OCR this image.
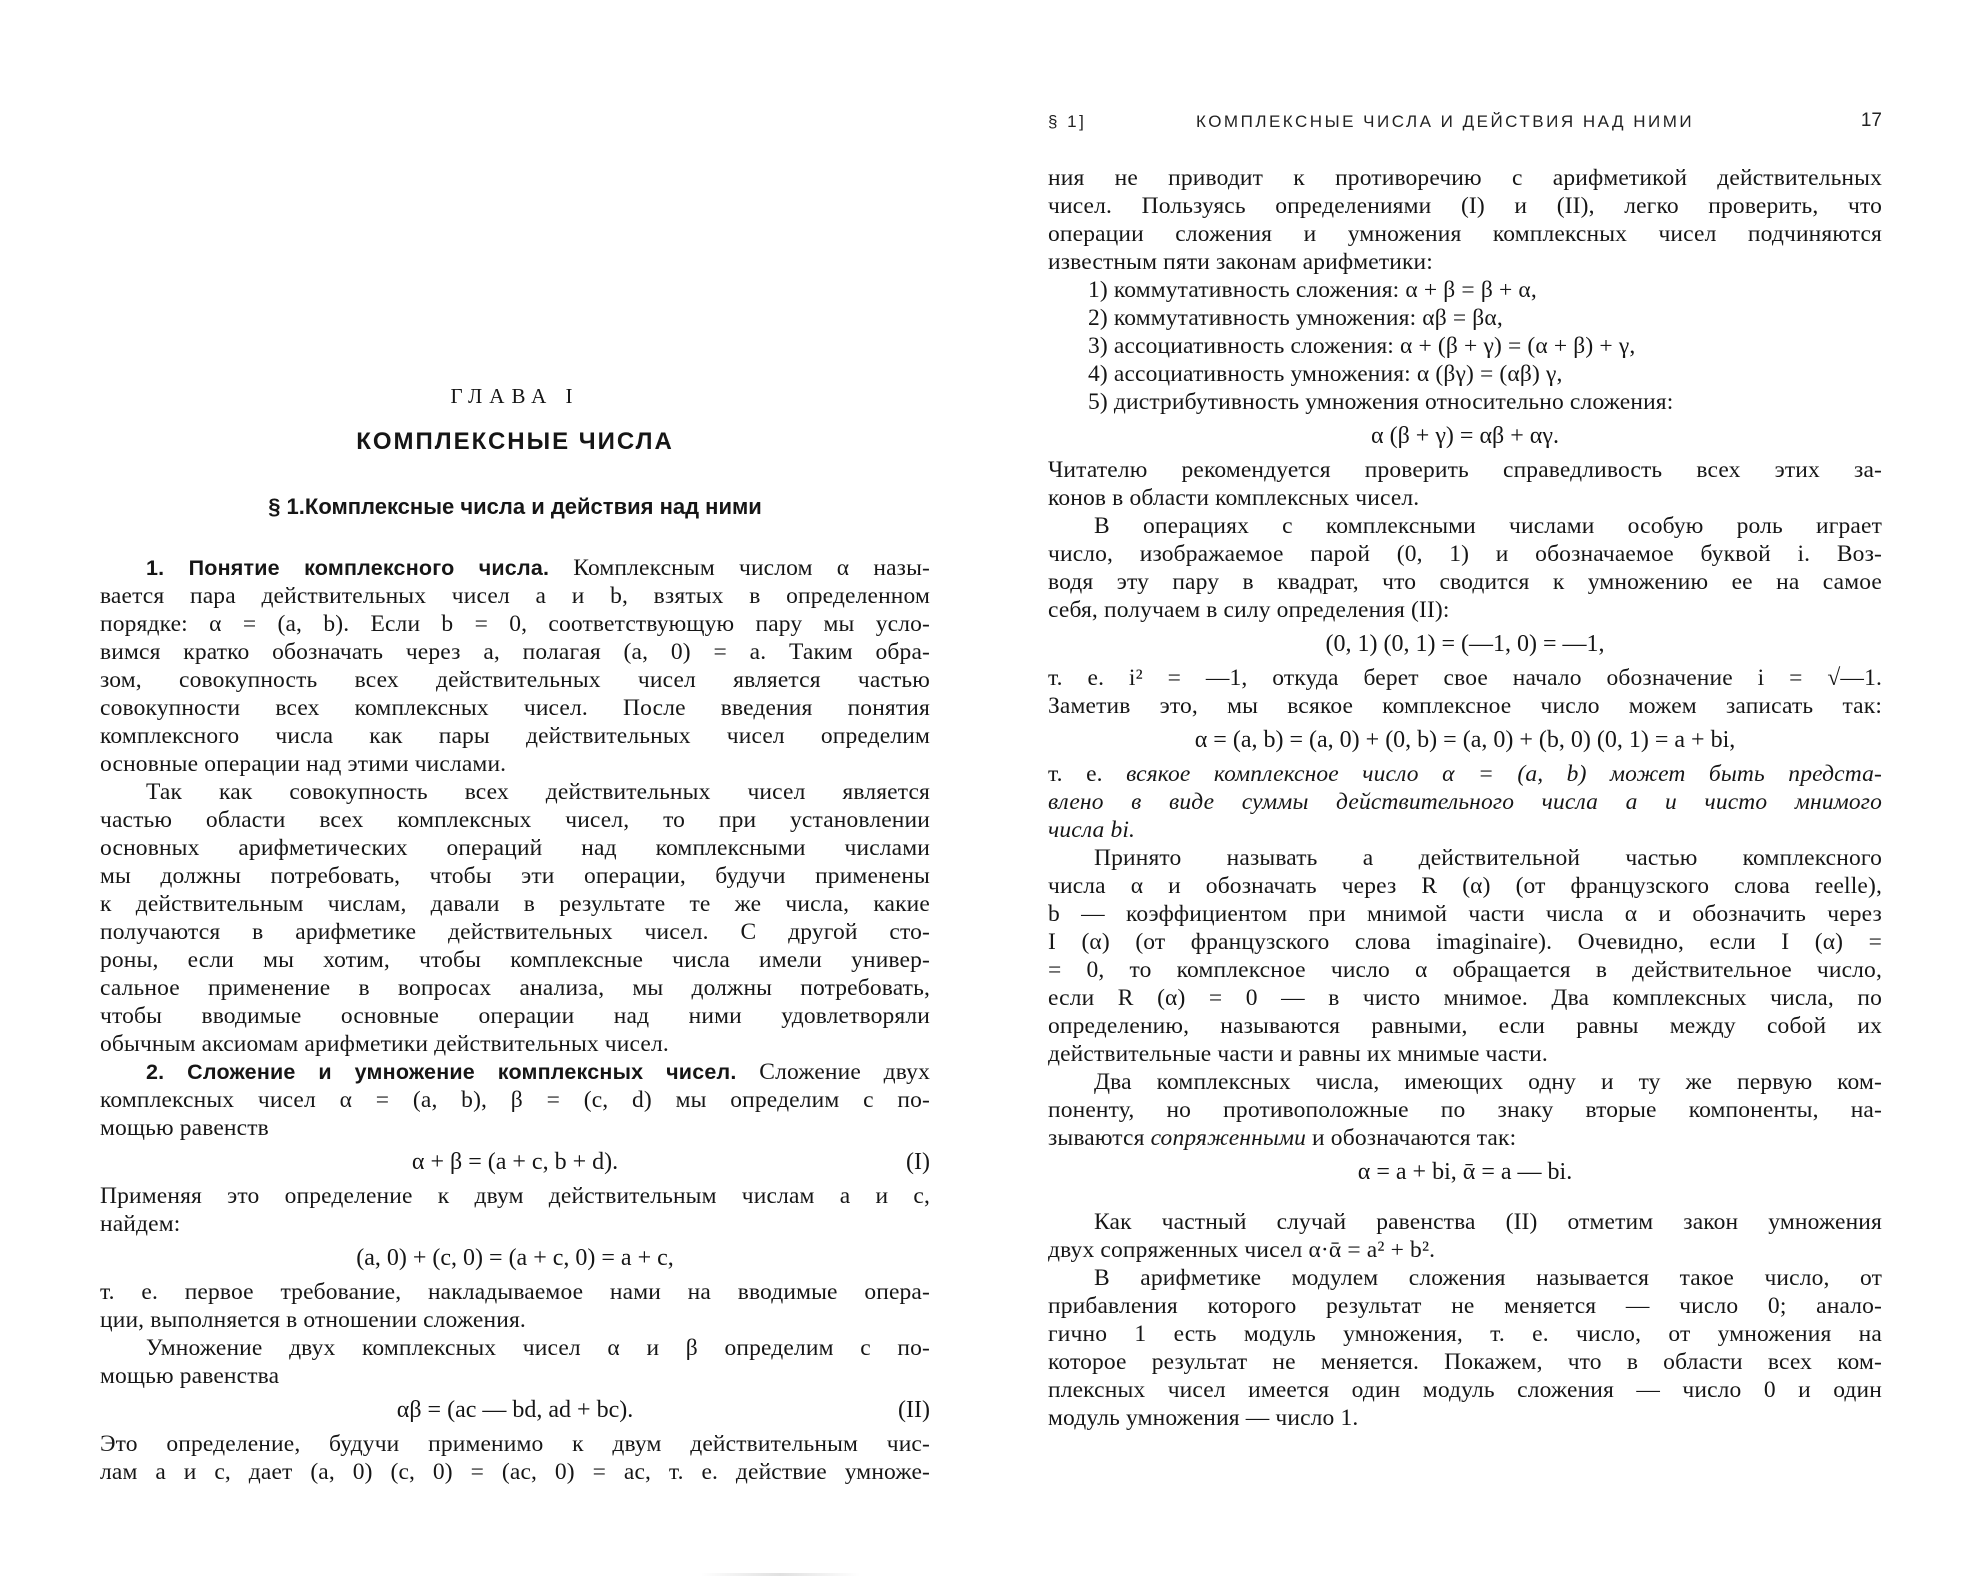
ГЛАВА I
КОМПЛЕКСНЫЕ ЧИСЛА
§ 1.Комплексные числа и действия над ними
1. Понятие комплексного числа. Комплексным числом α назы-
вается пара действительных чисел a и b, взятых в определенном
порядке: α = (a, b). Если b = 0, соответствующую пару мы усло-
вимся кратко обозначать через a, полагая (a, 0) = a. Таким обра-
зом, совокупность всех действительных чисел является частью
совокупности всех комплексных чисел. После введения понятия
комплексного числа как пары действительных чисел определим
основные операции над этими числами.
Так как совокупность всех действительных чисел является
частью области всех комплексных чисел, то при установлении
основных арифметических операций над комплексными числами
мы должны потребовать, чтобы эти операции, будучи применены
к действительным числам, давали в результате те же числа, какие
получаются в арифметике действительных чисел. С другой сто-
роны, если мы хотим, чтобы комплексные числа имели универ-
сальное применение в вопросах анализа, мы должны потребовать,
чтобы вводимые основные операции над ними удовлетворяли
обычным аксиомам арифметики действительных чисел.
2. Сложение и умножение комплексных чисел. Сложение двух
комплексных чисел α = (a, b), β = (c, d) мы определим с по-
мощью равенств
α + β = (a + c, b + d).	(I)
Применяя это определение к двум действительным числам a и c,
найдем:
(a, 0) + (c, 0) = (a + c, 0) = a + c,
т. е. первое требование, накладываемое нами на вводимые опера-
ции, выполняется в отношении сложения.
Умножение двух комплексных чисел α и β определим с по-
мощью равенства
αβ = (ac — bd, ad + bc).	(II)
Это определение, будучи применимо к двум действительным чис-
лам a и c, дает (a, 0) (c, 0) = (ac, 0) = ac, т. е. действие умноже-
§ 1]	КОМПЛЕКСНЫЕ ЧИСЛА И ДЕЙСТВИЯ НАД НИМИ	17
ния не приводит к противоречию с арифметикой действительных
чисел. Пользуясь определениями (I) и (II), легко проверить, что
операции сложения и умножения комплексных чисел подчиняются
известным пяти законам арифметики:
1) коммутативность сложения: α + β = β + α,
2) коммутативность умножения: αβ = βα,
3) ассоциативность сложения: α + (β + γ) = (α + β) + γ,
4) ассоциативность умножения: α (βγ) = (αβ) γ,
5) дистрибутивность умножения относительно сложения:
α (β + γ) = αβ + αγ.
Читателю рекомендуется проверить справедливость всех этих за-
конов в области комплексных чисел.
В операциях с комплексными числами особую роль играет
число, изображаемое парой (0, 1) и обозначаемое буквой i. Воз-
водя эту пару в квадрат, что сводится к умножению ее на самое
себя, получаем в силу определения (II):
(0, 1) (0, 1) = (—1, 0) = —1,
т. е. i² = —1, откуда берет свое начало обозначение i = √—1.
Заметив это, мы всякое комплексное число можем записать так:
α = (a, b) = (a, 0) + (0, b) = (a, 0) + (b, 0) (0, 1) = a + bi,
т. е. всякое комплексное число α = (a, b) может быть предста-
влено в виде суммы действительного числа a и чисто мнимого
числа bi.
Принято называть a действительной частью комплексного
числа α и обозначать через R (α) (от французского слова reelle),
b — коэффициентом при мнимой части числа α и обозначить через
I (α) (от французского слова imaginaire). Очевидно, если I (α) =
= 0, то комплексное число α обращается в действительное число,
если R (α) = 0 — в чисто мнимое. Два комплексных числа, по
определению, называются равными, если равны между собой их
действительные части и равны их мнимые части.
Два комплексных числа, имеющих одну и ту же первую ком-
поненту, но противоположные по знаку вторые компоненты, на-
зываются сопряженными и обозначаются так:
α = a + bi, ᾱ = a — bi.
Как частный случай равенства (II) отметим закон умножения
двух сопряженных чисел α·ᾱ = a² + b².
В арифметике модулем сложения называется такое число, от
прибавления которого результат не меняется — число 0; анало-
гично 1 есть модуль умножения, т. е. число, от умножения на
которое результат не меняется. Покажем, что в области всех ком-
плексных чисел имеется один модуль сложения — число 0 и один
модуль умножения — число 1.
